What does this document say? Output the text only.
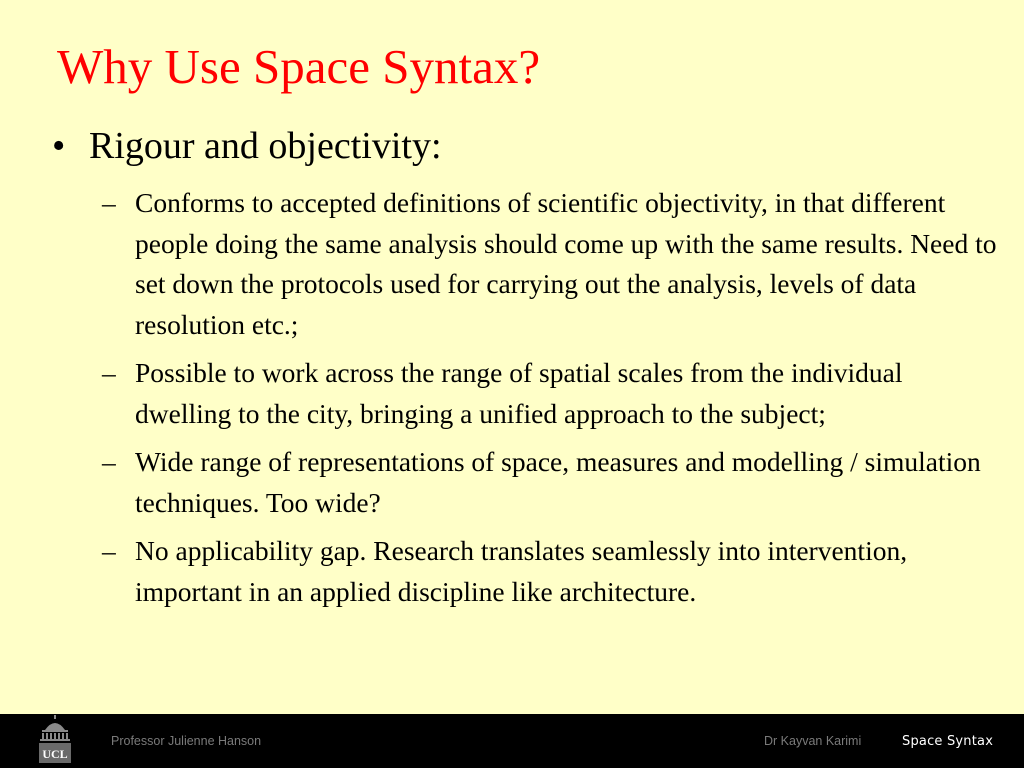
Why Use Space Syntax?
• Rigour and objectivity:
– Conforms to accepted definitions of scientific objectivity, in that different people doing the same analysis should come up with the same results. Need to set down the protocols used for carrying out the analysis, levels of data resolution etc.;
– Possible to work across the range of spatial scales from the individual dwelling to the city, bringing a unified approach to the subject;
– Wide range of representations of space, measures and modelling / simulation techniques. Too wide?
– No applicability gap. Research translates seamlessly into intervention, important in an applied discipline like architecture.
UCL
Professor Julienne Hanson	Dr Kayvan Karimi	Space Syntax
